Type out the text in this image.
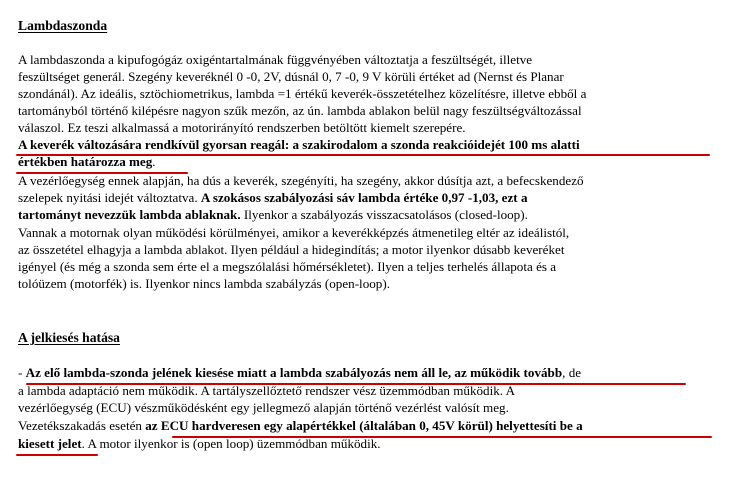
Lambdaszonda

A lambdaszonda a kipufogógáz oxigéntartalmának függvényében változtatja a feszültségét, illetve

feszültséget generál. Szegény keveréknél 0 -0, 2V, dúsnál 0, 7 -0, 9 V körüli értéket ad (Nernst és Planar

szondánál). Az ideális, sztöchiometrikus, lambda =1 értékű keverék-összetételhez közelítésre, illetve ebből a

tartományból történő kilépésre nagyon szűk mezőn, az ún. lambda ablakon belül nagy feszültségváltozással

válaszol. Ez teszi alkalmassá a motorirányító rendszerben betöltött kiemelt szerepére.

A keverék változására rendkívül gyorsan reagál: a szakirodalom a szonda reakcióidejét 100 ms alatti

értékben határozza meg.

A vezérlőegység ennek alapján, ha dús a keverék, szegényíti, ha szegény, akkor dúsítja azt, a befecskendező

szelepek nyitási idejét változtatva. A szokásos szabályozási sáv lambda értéke 0,97 -1,03, ezt a

tartományt nevezzük lambda ablaknak. Ilyenkor a szabályozás visszacsatolásos (closed-loop).

Vannak a motornak olyan működési körülményei, amikor a keverékképzés átmenetileg eltér az ideálistól,

az összetétel elhagyja a lambda ablakot. Ilyen például a hidegindítás; a motor ilyenkor dúsabb keveréket

igényel (és még a szonda sem érte el a megszólalási hőmérsékletet). Ilyen a teljes terhelés állapota és a

tolóüzem (motorfék) is. Ilyenkor nincs lambda szabályzás (open-loop).

A jelkiesés hatása

- Az elő lambda-szonda jelének kiesése miatt a lambda szabályozás nem áll le, az működik tovább, de

a lambda adaptáció nem működik. A tartályszellőztető rendszer vész üzemmódban működik. A

vezérlőegység (ECU) vészműködésként egy jellegmező alapján történő vezérlést valósít meg.

Vezetékszakadás esetén az ECU hardveresen egy alapértékkel (általában 0, 45V körül) helyettesíti be a

kiesett jelet. A motor ilyenkor is (open loop) üzemmódban működik.
